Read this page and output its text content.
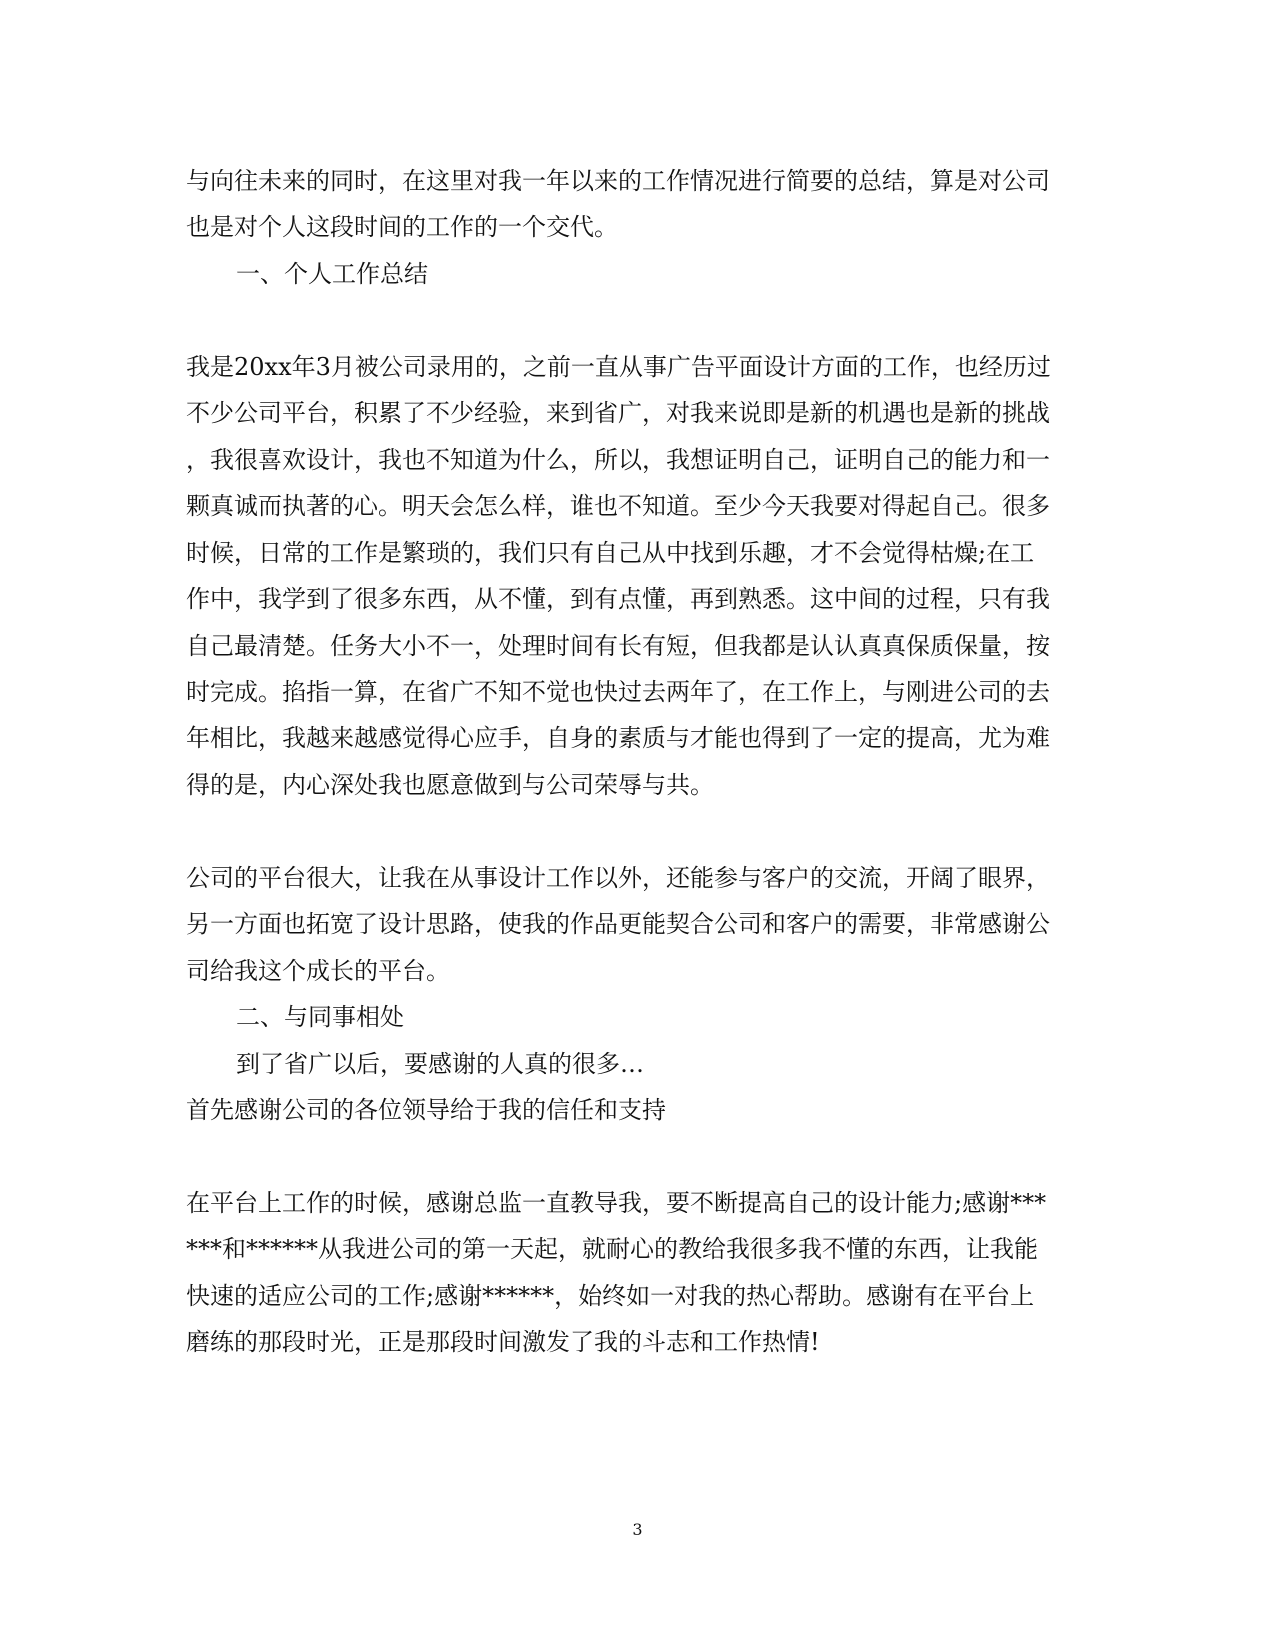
与向往未来的同时，在这里对我一年以来的工作情况进行简要的总结，算是对公司
也是对个人这段时间的工作的一个交代。
一、个人工作总结
我是20xx年3月被公司录用的，之前一直从事广告平面设计方面的工作，也经历过
不少公司平台，积累了不少经验，来到省广，对我来说即是新的机遇也是新的挑战
，我很喜欢设计，我也不知道为什么，所以，我想证明自己，证明自己的能力和一
颗真诚而执著的心。明天会怎么样，谁也不知道。至少今天我要对得起自己。很多
时候，日常的工作是繁琐的，我们只有自己从中找到乐趣，才不会觉得枯燥;在工
作中，我学到了很多东西，从不懂，到有点懂，再到熟悉。这中间的过程，只有我
自己最清楚。任务大小不一，处理时间有长有短，但我都是认认真真保质保量，按
时完成。掐指一算，在省广不知不觉也快过去两年了，在工作上，与刚进公司的去
年相比，我越来越感觉得心应手，自身的素质与才能也得到了一定的提高，尤为难
得的是，内心深处我也愿意做到与公司荣辱与共。
公司的平台很大，让我在从事设计工作以外，还能参与客户的交流，开阔了眼界，
另一方面也拓宽了设计思路，使我的作品更能契合公司和客户的需要，非常感谢公
司给我这个成长的平台。
二、与同事相处
到了省广以后，要感谢的人真的很多…
首先感谢公司的各位领导给于我的信任和支持
在平台上工作的时候，感谢总监一直教导我，要不断提高自己的设计能力;感谢***
***和******从我进公司的第一天起，就耐心的教给我很多我不懂的东西，让我能
快速的适应公司的工作;感谢******，始终如一对我的热心帮助。感谢有在平台上
磨练的那段时光，正是那段时间激发了我的斗志和工作热情!
3
